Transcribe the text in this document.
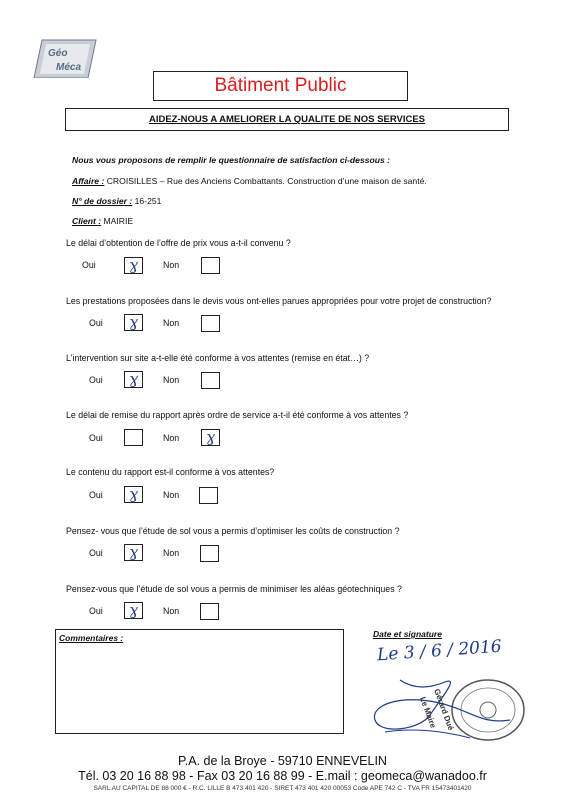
Géo
Méca
Bâtiment Public
AIDEZ-NOUS A AMELIORER LA QUALITE DE NOS SERVICES
Nous vous proposons de remplir le questionnaire de satisfaction ci-dessous :
Affaire : CROISILLES – Rue des Anciens Combattants. Construction d’une maison de santé.
N° de dossier : 16-251
Client : MAIRIE
Le délai d’obtention de l’offre de prix vous a-t-il convenu ?
Oui	ɣ	Non
Les prestations proposées dans le devis vous ont-elles parues appropriées pour votre projet de construction?
Oui	ɣ	Non
L’intervention sur site a-t-elle été conforme à vos attentes (remise en état…) ?
Oui	ɣ	Non
Le délai de remise du rapport après ordre de service a-t-il été conforme à vos attentes ?
Oui	Non	ɣ
Le contenu du rapport est-il conforme à vos attentes?
Oui	ɣ	Non
Pensez- vous que l’étude de sol vous a permis d’optimiser les coûts de construction ?
Oui	ɣ	Non
Pensez-vous que l’étude de sol vous a permis de minimiser les aléas géotechniques ?
Oui	ɣ	Non
Commentaires :	Date et signature
Le 3 / 6 / 2016
Le Maire
Gérard Dué
P.A. de la Broye - 59710 ENNEVELIN
Tél. 03 20 16 88 98 - Fax 03 20 16 88 99 - E.mail : geomeca@wanadoo.fr
SARL AU CAPITAL DE 88 000 € - R.C. LILLE B 473 401 420 - SIRET 473 401 420 00053 Code APE 742 C - TVA FR 15473401420
